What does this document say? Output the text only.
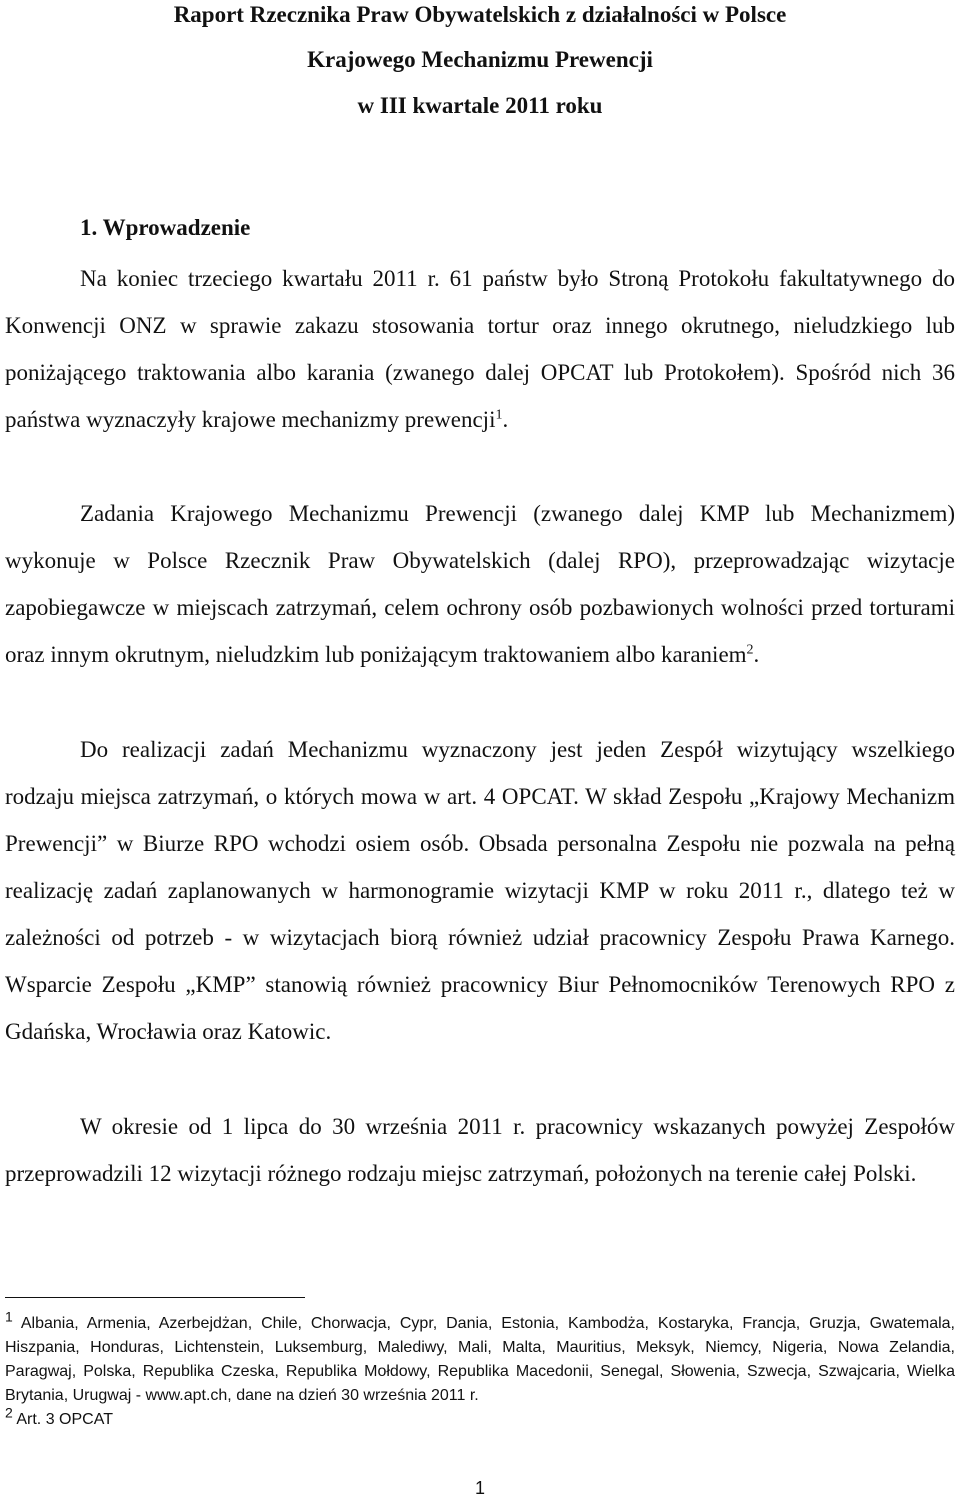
Raport Rzecznika Praw Obywatelskich z działalności w Polsce
Krajowego Mechanizmu Prewencji
w III kwartale 2011 roku
1. Wprowadzenie

Na koniec trzeciego kwartału 2011 r. 61 państw było Stroną Protokołu fakultatywnego do Konwencji ONZ w sprawie zakazu stosowania tortur oraz innego okrutnego, nieludzkiego lub poniżającego traktowania albo karania (zwanego dalej OPCAT lub Protokołem). Spośród nich 36 państwa wyznaczyły krajowe mechanizmy prewencji$^1$.

Zadania Krajowego Mechanizmu Prewencji (zwanego dalej KMP lub Mechanizmem) wykonuje w Polsce Rzecznik Praw Obywatelskich (dalej RPO), przeprowadzając wizytacje zapobiegawcze w miejscach zatrzymań, celem ochrony osób pozbawionych wolności przed torturami oraz innym okrutnym, nieludzkim lub poniżającym traktowaniem albo karaniem$^2$.

Do realizacji zadań Mechanizmu wyznaczony jest jeden Zespół wizytujący wszelkiego rodzaju miejsca zatrzymań, o których mowa w art. 4 OPCAT. W skład Zespołu „Krajowy Mechanizm Prewencji” w Biurze RPO wchodzi osiem osób. Obsada personalna Zespołu nie pozwala na pełną realizację zadań zaplanowanych w harmonogramie wizytacji KMP w roku 2011 r., dlatego też w zależności od potrzeb - w wizytacjach biorą również udział pracownicy Zespołu Prawa Karnego. Wsparcie Zespołu „KMP” stanowią również pracownicy Biur Pełnomocników Terenowych RPO z Gdańska, Wrocławia oraz Katowic.

W okresie od 1 lipca do 30 września 2011 r. pracownicy wskazanych powyżej Zespołów przeprowadzili 12 wizytacji różnego rodzaju miejsc zatrzymań, położonych na terenie całej Polski.

$^1$ Albania, Armenia, Azerbejdżan, Chile, Chorwacja, Cypr, Dania, Estonia, Kambodża, Kostaryka, Francja, Gruzja, Gwatemala, Hiszpania, Honduras, Lichtenstein, Luksemburg, Malediwy, Mali, Malta, Mauritius, Meksyk, Niemcy, Nigeria, Nowa Zelandia, Paragwaj, Polska, Republika Czeska, Republika Mołdowy, Republika Macedonii, Senegal, Słowenia, Szwecja, Szwajcaria, Wielka Brytania, Urugwaj - www.apt.ch, dane na dzień 30 września 2011 r.

$^2$ Art. 3 OPCAT

1
